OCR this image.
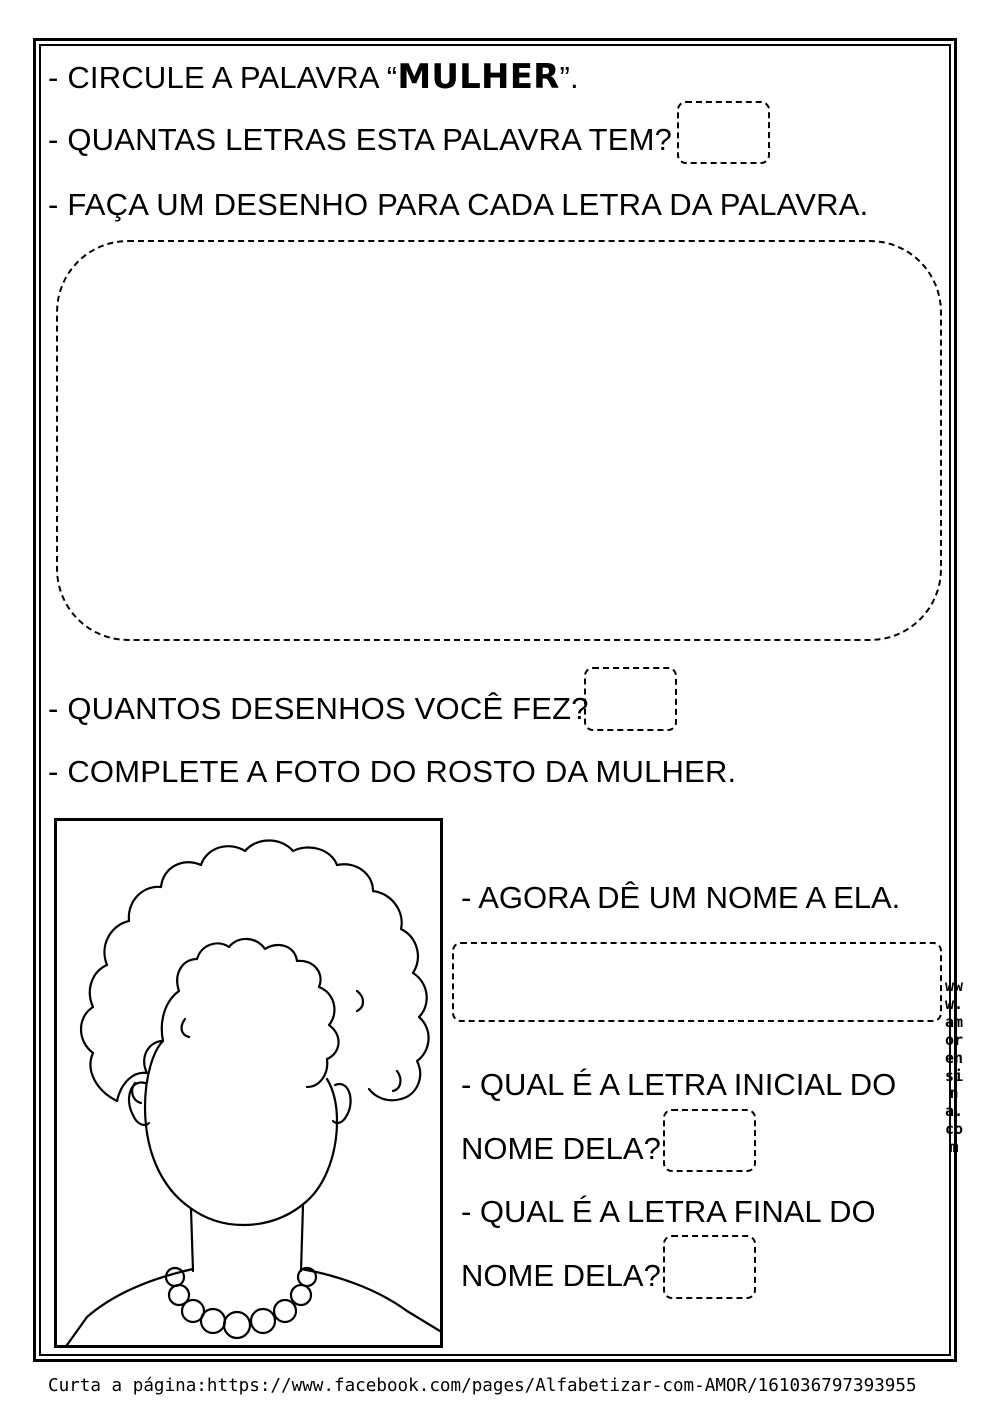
- CIRCULE A PALAVRA “MULHER”.
- QUANTAS LETRAS ESTA PALAVRA TEM?
- FAÇA UM DESENHO PARA CADA LETRA DA PALAVRA.
- QUANTOS DESENHOS VOCÊ FEZ?
- COMPLETE A FOTO DO ROSTO DA MULHER.
- AGORA DÊ UM NOME A ELA.
- QUAL É A LETRA INICIAL DO
NOME DELA?
- QUAL É A LETRA FINAL DO
NOME DELA?
www.amorensina.com
Curta a página:https://www.facebook.com/pages/Alfabetizar-com-AMOR/161036797393955
